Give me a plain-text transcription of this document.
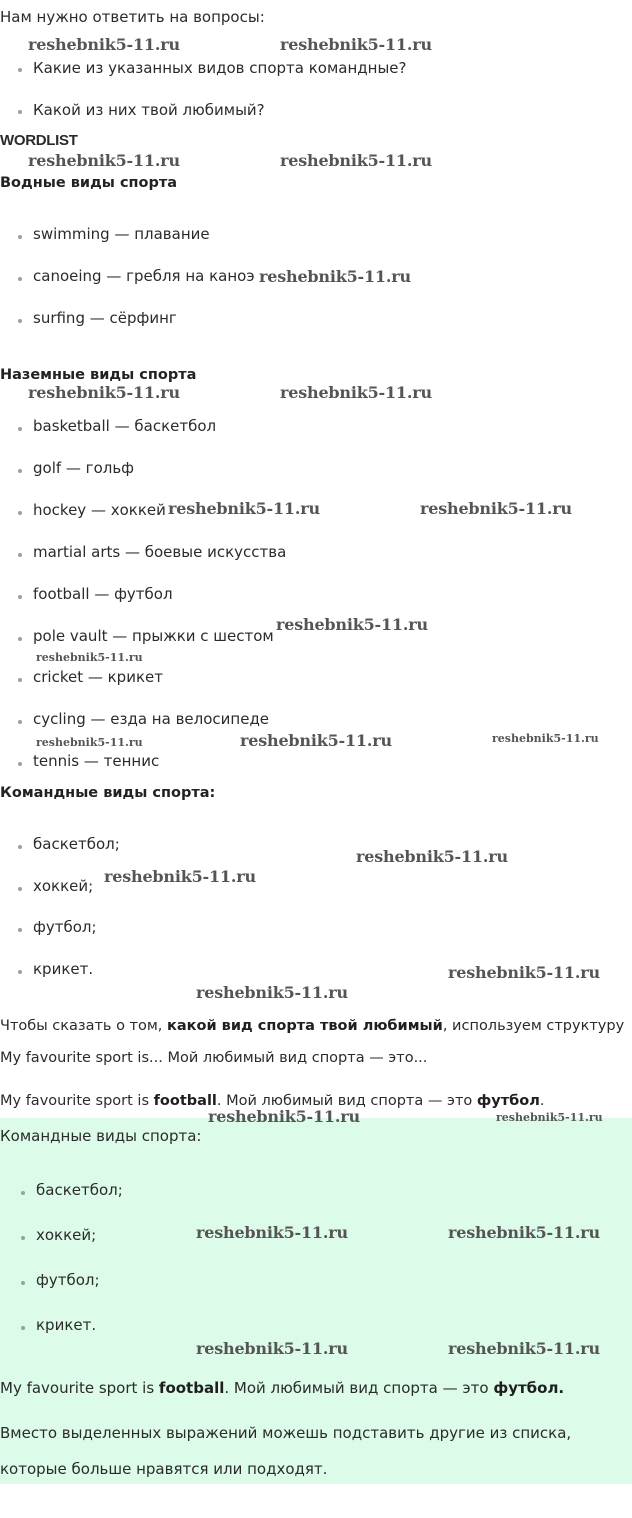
Нам нужно ответить на вопросы:
Какие из указанных видов спорта командные?
Какой из них твой любимый?
WORDLIST
Водные виды спорта
swimming — плавание
canoeing — гребля на каноэ
surfing — сёрфинг
Наземные виды спорта
basketball — баскетбол
golf — гольф
hockey — хоккей
martial arts — боевые искусства
football — футбол
pole vault — прыжки с шестом
cricket — крикет
cycling — езда на велосипеде
tennis — теннис
Командные виды спорта:
баскетбол;
хоккей;
футбол;
крикет.
Чтобы сказать о том, какой вид спорта твой любимый, используем структуру
My favourite sport is... Мой любимый вид спорта — это...
My favourite sport is football. Мой любимый вид спорта — это футбол.
Командные виды спорта:
баскетбол;
хоккей;
футбол;
крикет.
My favourite sport is football. Мой любимый вид спорта — это футбол.
Вместо выделенных выражений можешь подставить другие из списка,
которые больше нравятся или подходят.
reshebnik5-11.ru	reshebnik5-11.ru
reshebnik5-11.ru	reshebnik5-11.ru
reshebnik5-11.ru
reshebnik5-11.ru	reshebnik5-11.ru
reshebnik5-11.ru	reshebnik5-11.ru
reshebnik5-11.ru
reshebnik5-11.ru
reshebnik5-11.ru	reshebnik5-11.ru	reshebnik5-11.ru
reshebnik5-11.ru
reshebnik5-11.ru
reshebnik5-11.ru
reshebnik5-11.ru
reshebnik5-11.ru	reshebnik5-11.ru
reshebnik5-11.ru	reshebnik5-11.ru
reshebnik5-11.ru	reshebnik5-11.ru
